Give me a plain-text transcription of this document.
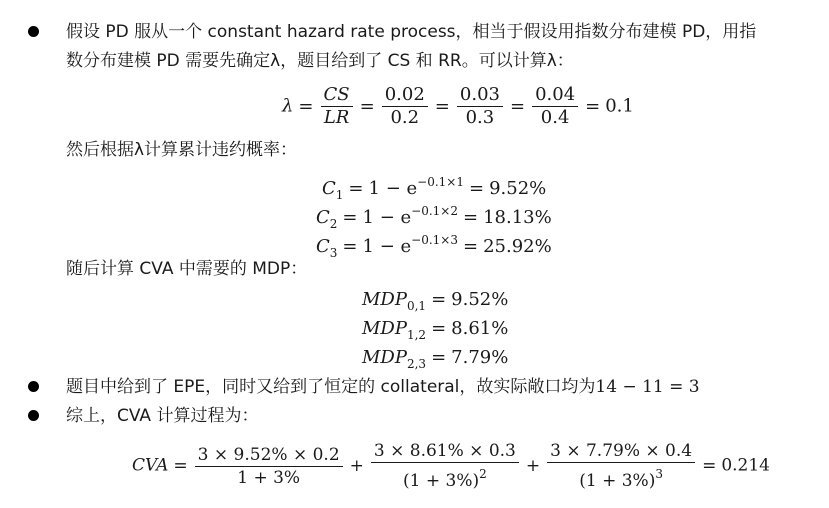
假设 PD 服从一个 constant hazard rate process，相当于假设用指数分布建模 PD，用指
数分布建模 PD 需要先确定λ，题目给到了 CS 和 RR。可以计算λ：
$\lambda = \frac{CS}{LR} = \frac{0.02}{0.2} = \frac{0.03}{0.3} = \frac{0.04}{0.4} = 0.1$
然后根据λ计算累计违约概率：
$C_1 = 1 - e^{-0.1\times 1} = 9.52\%$
$C_2 = 1 - e^{-0.1\times 2} = 18.13\%$
$C_3 = 1 - e^{-0.1\times 3} = 25.92\%$
随后计算 CVA 中需要的 MDP：
$MDP_{0,1} = 9.52\%$
$MDP_{1,2} = 8.61\%$
$MDP_{2,3} = 7.79\%$
题目中给到了 EPE，同时又给到了恒定的 collateral，故实际敞口均为14 − 11 = 3
综上，CVA 计算过程为：
CVA = $\frac{3 \times 9.52\% \times 0.2}{1 + 3\%} + \frac{3 \times 8.61\% \times 0.3}{(1 + 3\%)^2} + \frac{3 \times 7.79\% \times 0.4}{(1 + 3\%)^3} = 0.214$
